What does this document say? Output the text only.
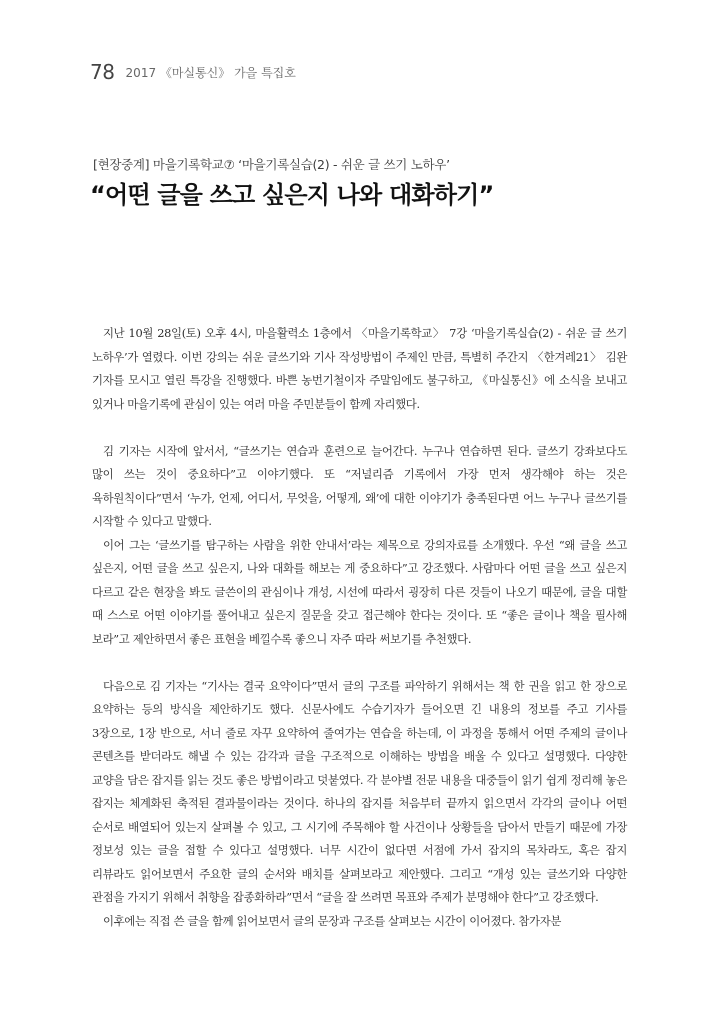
78 2017 《마실통신》 가을 특집호
[현장중계] 마을기록학교⑦ ‘마을기록실습(2) - 쉬운 글 쓰기 노하우’
“어떤 글을 쓰고 싶은지 나와 대화하기”

지난 10월 28일(토) 오후 4시, 마을활력소 1층에서 〈마을기록학교〉 7강 ‘마을기록실습(2) - 쉬운 글 쓰기 노하우’가 열렸다. 이번 강의는 쉬운 글쓰기와 기사 작성방법이 주제인 만큼, 특별히 주간지 〈한겨레21〉 김완 기자를 모시고 열린 특강을 진행했다. 바쁜 농번기철이자 주말임에도 불구하고, 《마실통신》에 소식을 보내고 있거나 마을기록에 관심이 있는 여러 마을 주민분들이 함께 자리했다.

김 기자는 시작에 앞서서, “글쓰기는 연습과 훈련으로 늘어간다. 누구나 연습하면 된다. 글쓰기 강좌보다도 많이 쓰는 것이 중요하다”고 이야기했다. 또 “저널리즘 기록에서 가장 먼저 생각해야 하는 것은 육하원칙이다”면서 ‘누가, 언제, 어디서, 무엇을, 어떻게, 왜’에 대한 이야기가 충족된다면 어느 누구나 글쓰기를 시작할 수 있다고 말했다.

이어 그는 ‘글쓰기를 탐구하는 사람을 위한 안내서’라는 제목으로 강의자료를 소개했다. 우선 “왜 글을 쓰고 싶은지, 어떤 글을 쓰고 싶은지, 나와 대화를 해보는 게 중요하다”고 강조했다. 사람마다 어떤 글을 쓰고 싶은지 다르고 같은 현장을 봐도 글쓴이의 관심이나 개성, 시선에 따라서 굉장히 다른 것들이 나오기 때문에, 글을 대할 때 스스로 어떤 이야기를 풀어내고 싶은지 질문을 갖고 접근해야 한다는 것이다. 또 “좋은 글이나 책을 필사해 보라”고 제안하면서 좋은 표현을 베낄수록 좋으니 자주 따라 써보기를 추천했다.

다음으로 김 기자는 “기사는 결국 요약이다”면서 글의 구조를 파악하기 위해서는 책 한 권을 읽고 한 장으로 요약하는 등의 방식을 제안하기도 했다. 신문사에도 수습기자가 들어오면 긴 내용의 정보를 주고 기사를 3장으로, 1장 반으로, 서너 줄로 자꾸 요약하여 줄여가는 연습을 하는데, 이 과정을 통해서 어떤 주제의 글이나 콘텐츠를 받더라도 해낼 수 있는 감각과 글을 구조적으로 이해하는 방법을 배울 수 있다고 설명했다. 다양한 교양을 담은 잡지를 읽는 것도 좋은 방법이라고 덧붙였다. 각 분야별 전문 내용을 대중들이 읽기 쉽게 정리해 놓은 잡지는 체계화된 축적된 결과물이라는 것이다. 하나의 잡지를 처음부터 끝까지 읽으면서 각각의 글이나 어떤 순서로 배열되어 있는지 살펴볼 수 있고, 그 시기에 주목해야 할 사건이나 상황들을 담아서 만들기 때문에 가장 정보성 있는 글을 접할 수 있다고 설명했다. 너무 시간이 없다면 서점에 가서 잡지의 목차라도, 혹은 잡지 리뷰라도 읽어보면서 주요한 글의 순서와 배치를 살펴보라고 제안했다. 그리고 “개성 있는 글쓰기와 다양한 관점을 가지기 위해서 취향을 잡종화하라”면서 “글을 잘 쓰려면 목표와 주제가 분명해야 한다”고 강조했다.

이후에는 직접 쓴 글을 함께 읽어보면서 글의 문장과 구조를 살펴보는 시간이 이어졌다. 참가자분
